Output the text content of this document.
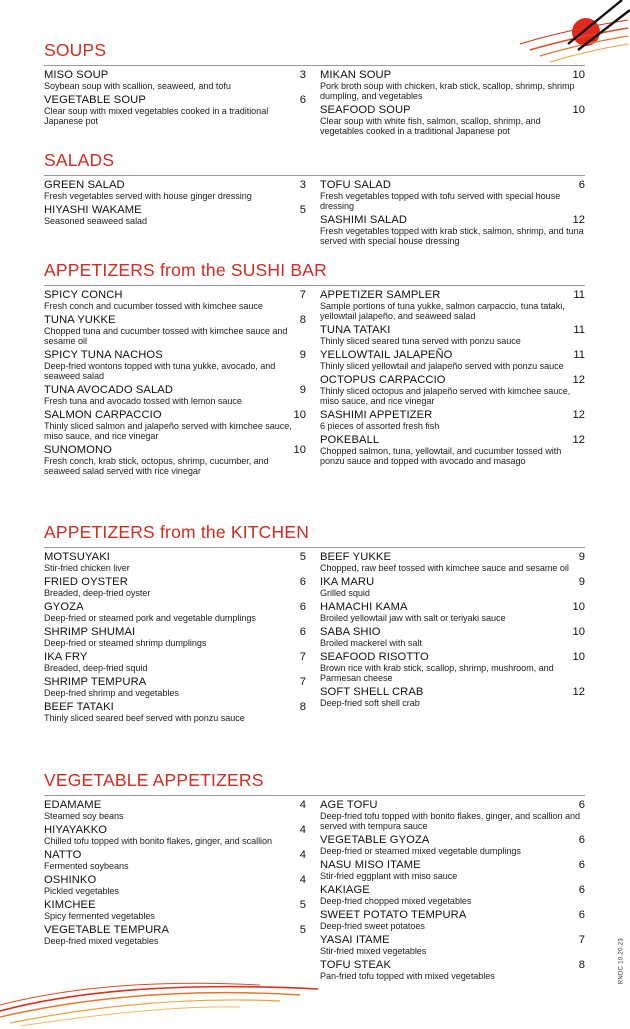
RNDC 10.20.23
SOUPS
MISO SOUP	3
Soybean soup with scallion, seaweed, and tofu
VEGETABLE SOUP	6
Clear soup with mixed vegetables cooked in a traditional Japanese pot
MIKAN SOUP	10
Pork broth soup with chicken, krab stick, scallop, shrimp, shrimp dumpling, and vegetables
SEAFOOD SOUP	10
Clear soup with white fish, salmon, scallop, shrimp, and vegetables cooked in a traditional Japanese pot
SALADS
GREEN SALAD	3
Fresh vegetables served with house ginger dressing
HIYASHI WAKAME	5
Seasoned seaweed salad
TOFU SALAD	6
Fresh vegetables topped with tofu served with special house dressing
SASHIMI SALAD	12
Fresh vegetables topped with krab stick, salmon, shrimp, and tuna served with special house dressing
APPETIZERS from the SUSHI BAR
SPICY CONCH	7
Fresh conch and cucumber tossed with kimchee sauce
TUNA YUKKE	8
Chopped tuna and cucumber tossed with kimchee sauce and sesame oil
SPICY TUNA NACHOS	9
Deep-fried wontons topped with tuna yukke, avocado, and seaweed salad
TUNA AVOCADO SALAD	9
Fresh tuna and avocado tossed with lemon sauce
SALMON CARPACCIO	10
Thinly sliced salmon and jalapeño served with kimchee sauce, miso sauce, and rice vinegar
SUNOMONO	10
Fresh conch, krab stick, octopus, shrimp, cucumber, and seaweed salad served with rice vinegar
APPETIZER SAMPLER	11
Sample portions of tuna yukke, salmon carpaccio, tuna tataki, yellowtail jalapeño, and seaweed salad
TUNA TATAKI	11
Thinly sliced seared tuna served with ponzu sauce
YELLOWTAIL JALAPEÑO	11
Thinly sliced yellowtail and jalapeño served with ponzu sauce
OCTOPUS CARPACCIO	12
Thinly sliced octopus and jalapeño served with kimchee sauce, miso sauce, and rice vinegar
SASHIMI APPETIZER	12
6 pieces of assorted fresh fish
POKEBALL	12
Chopped salmon, tuna, yellowtail, and cucumber tossed with ponzu sauce and topped with avocado and masago
APPETIZERS from the KITCHEN
MOTSUYAKI	5
Stir-fried chicken liver
FRIED OYSTER	6
Breaded, deep-fried oyster
GYOZA	6
Deep-fried or steamed pork and vegetable dumplings
SHRIMP SHUMAI	6
Deep-fried or steamed shrimp dumplings
IKA FRY	7
Breaded, deep-fried squid
SHRIMP TEMPURA	7
Deep-fried shrimp and vegetables
BEEF TATAKI	8
Thinly sliced seared beef served with ponzu sauce
BEEF YUKKE	9
Chopped, raw beef tossed with kimchee sauce and sesame oil
IKA MARU	9
Grilled squid
HAMACHI KAMA	10
Broiled yellowtail jaw with salt or teriyaki sauce
SABA SHIO	10
Broiled mackerel with salt
SEAFOOD RISOTTO	10
Brown rice with krab stick, scallop, shrimp, mushroom, and Parmesan cheese
SOFT SHELL CRAB	12
Deep-fried soft shell crab
VEGETABLE APPETIZERS
EDAMAME	4
Steamed soy beans
HIYAYAKKO	4
Chilled tofu topped with bonito flakes, ginger, and scallion
NATTO	4
Fermented soybeans
OSHINKO	4
Pickled vegetables
KIMCHEE	5
Spicy fermented vegetables
VEGETABLE TEMPURA	5
Deep-fried mixed vegetables
AGE TOFU	6
Deep-fried tofu topped with bonito flakes, ginger, and scallion and served with tempura sauce
VEGETABLE GYOZA	6
Deep-fried or steamed mixed vegetable dumplings
NASU MISO ITAME	6
Stir-fried eggplant with miso sauce
KAKIAGE	6
Deep-fried chopped mixed vegetables
SWEET POTATO TEMPURA	6
Deep-fried sweet potatoes
YASAI ITAME	7
Stir-fried mixed vegetables
TOFU STEAK	8
Pan-fried tofu topped with mixed vegetables
